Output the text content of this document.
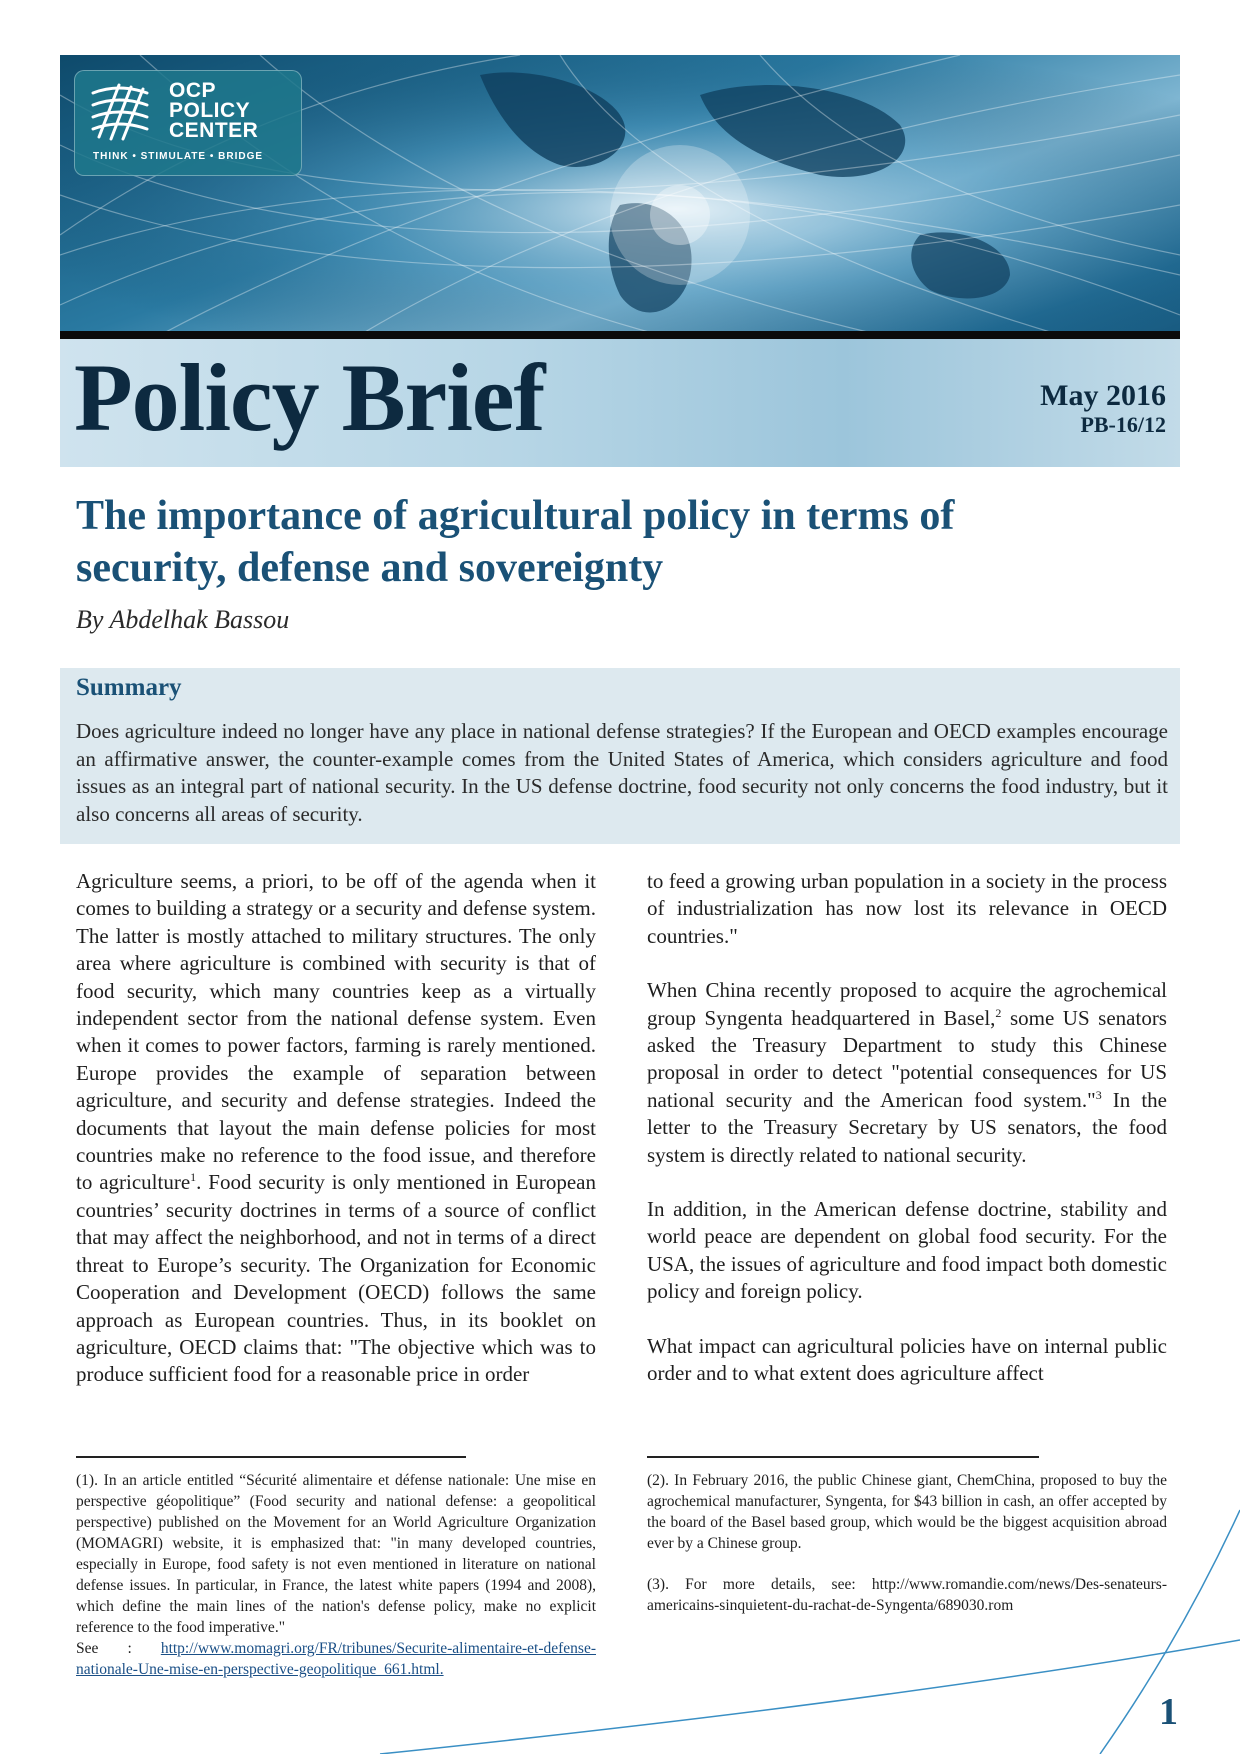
OCP
POLICY
CENTER
THINK • STIMULATE • BRIDGE
Policy Brief	May 2016
PB-16/12
The importance of agricultural policy in terms of
security, defense and sovereignty
By Abdelhak Bassou
Summary

Does agriculture indeed no longer have any place in national defense strategies? If the European and OECD examples encourage an affirmative answer, the counter-example comes from the United States of America, which considers agriculture and food issues as an integral part of national security. In the US defense doctrine, food security not only concerns the food industry, but it also concerns all areas of security.

Agriculture seems, a priori, to be off of the agenda when it comes to building a strategy or a security and defense system. The latter is mostly attached to military structures. The only area where agriculture is combined with security is that of food security, which many countries keep as a virtually independent sector from the national defense system. Even when it comes to power factors, farming is rarely mentioned. Europe provides the example of separation between agriculture, and security and defense strategies. Indeed the documents that layout the main defense policies for most countries make no reference to the food issue, and therefore to agriculture$^1$. Food security is only mentioned in European countries’ security doctrines in terms of a source of conflict that may affect the neighborhood, and not in terms of a direct threat to Europe’s security. The Organization for Economic Cooperation and Development (OECD) follows the same approach as European countries. Thus, in its booklet on agriculture, OECD claims that: "The objective which was to produce sufficient food for a reasonable price in order

to feed a growing urban population in a society in the process of industrialization has now lost its relevance in OECD countries."

When China recently proposed to acquire the agrochemical group Syngenta headquartered in Basel,$^2$ some US senators asked the Treasury Department to study this Chinese proposal in order to detect "potential consequences for US national security and the American food system."$^3$ In the letter to the Treasury Secretary by US senators, the food system is directly related to national security.

In addition, in the American defense doctrine, stability and world peace are dependent on global food security. For the USA, the issues of agriculture and food impact both domestic policy and foreign policy.

What impact can agricultural policies have on internal public order and to what extent does agriculture affect

(1). In an article entitled “Sécurité alimentaire et défense nationale: Une mise en perspective géopolitique” (Food security and national defense: a geopolitical perspective) published on the Movement for an World Agriculture Organization (MOMAGRI) website, it is emphasized that: "in many developed countries, especially in Europe, food safety is not even mentioned in literature on national defense issues. In particular, in France, the latest white papers (1994 and 2008), which define the main lines of the nation's defense policy, make no explicit reference to the food imperative."
See : http://www.momagri.org/FR/tribunes/Securite-alimentaire-et-defense-nationale-Une-mise-en-perspective-geopolitique_661.html.

(2). In February 2016, the public Chinese giant, ChemChina, proposed to buy the agrochemical manufacturer, Syngenta, for $43 billion in cash, an offer accepted by the board of the Basel based group, which would be the biggest acquisition abroad ever by a Chinese group.

(3). For more details, see: http://www.romandie.com/news/Des-senateurs-americains-sinquietent-du-rachat-de-Syngenta/689030.rom

1
